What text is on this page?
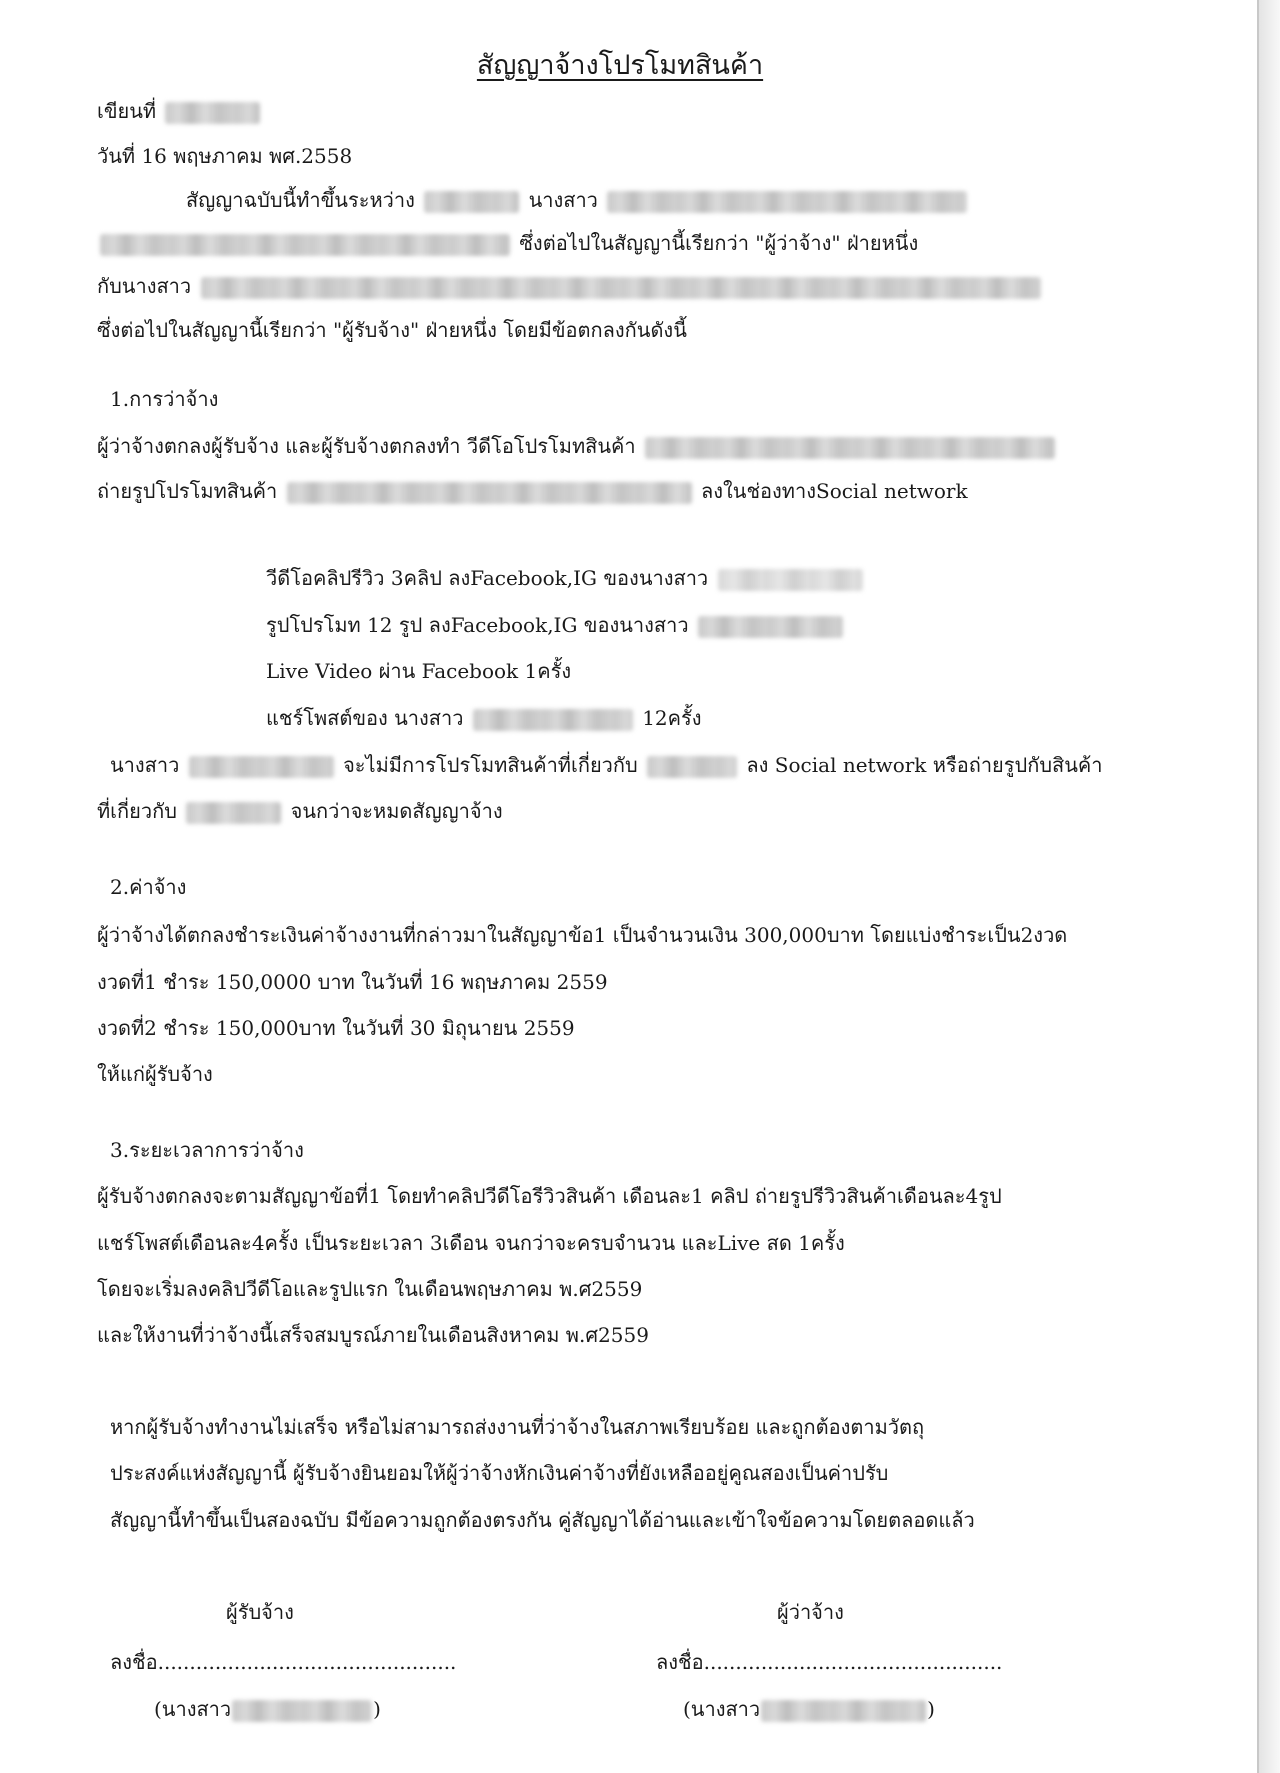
สัญญาจ้างโปรโมทสินค้า
เขียนที่
วันที่ 16 พฤษภาคม พศ.2558
สัญญาฉบับนี้ทำขึ้นระหว่าง	นางสาว
ซึ่งต่อไปในสัญญานี้เรียกว่า "ผู้ว่าจ้าง" ฝ่ายหนึ่ง
กับนางสาว
ซึ่งต่อไปในสัญญานี้เรียกว่า "ผู้รับจ้าง" ฝ่ายหนึ่ง โดยมีข้อตกลงกันดังนี้
1.การว่าจ้าง
ผู้ว่าจ้างตกลงผู้รับจ้าง และผู้รับจ้างตกลงทำ วีดีโอโปรโมทสินค้า
ถ่ายรูปโปรโมทสินค้า	ลงในช่องทางSocial network
วีดีโอคลิปรีวิว 3คลิป ลงFacebook,IG ของนางสาว
รูปโปรโมท 12 รูป ลงFacebook,IG ของนางสาว
Live Video ผ่าน Facebook 1ครั้ง
แชร์โพสต์ของ นางสาว	12ครั้ง
นางสาว	จะไม่มีการโปรโมทสินค้าที่เกี่ยวกับ	ลง Social network หรือถ่ายรูปกับสินค้า
ที่เกี่ยวกับ	จนกว่าจะหมดสัญญาจ้าง
2.ค่าจ้าง
ผู้ว่าจ้างได้ตกลงชำระเงินค่าจ้างงานที่กล่าวมาในสัญญาข้อ1 เป็นจำนวนเงิน 300,000บาท โดยแบ่งชำระเป็น2งวด
งวดที่1 ชำระ 150,0000 บาท ในวันที่ 16 พฤษภาคม 2559
งวดที่2 ชำระ 150,000บาท ในวันที่ 30 มิถุนายน 2559
ให้แก่ผู้รับจ้าง
3.ระยะเวลาการว่าจ้าง
ผู้รับจ้างตกลงจะตามสัญญาข้อที่1 โดยทำคลิปวีดีโอรีวิวสินค้า เดือนละ1 คลิป ถ่ายรูปรีวิวสินค้าเดือนละ4รูป
แชร์โพสต์เดือนละ4ครั้ง เป็นระยะเวลา 3เดือน จนกว่าจะครบจำนวน และLive สด 1ครั้ง
โดยจะเริ่มลงคลิปวีดีโอและรูปแรก ในเดือนพฤษภาคม พ.ศ2559
และให้งานที่ว่าจ้างนี้เสร็จสมบูรณ์ภายในเดือนสิงหาคม พ.ศ2559
หากผู้รับจ้างทำงานไม่เสร็จ หรือไม่สามารถส่งงานที่ว่าจ้างในสภาพเรียบร้อย และถูกต้องตามวัตถุ
ประสงค์แห่งสัญญานี้ ผู้รับจ้างยินยอมให้ผู้ว่าจ้างหักเงินค่าจ้างที่ยังเหลืออยู่คูณสองเป็นค่าปรับ
สัญญานี้ทำขึ้นเป็นสองฉบับ มีข้อความถูกต้องตรงกัน คู่สัญญาได้อ่านและเข้าใจข้อความโดยตลอดแล้ว
ผู้รับจ้าง	ผู้ว่าจ้าง
ลงชื่อ...............................................	ลงชื่อ...............................................
(นางสาว	)	(นางสาว	)
